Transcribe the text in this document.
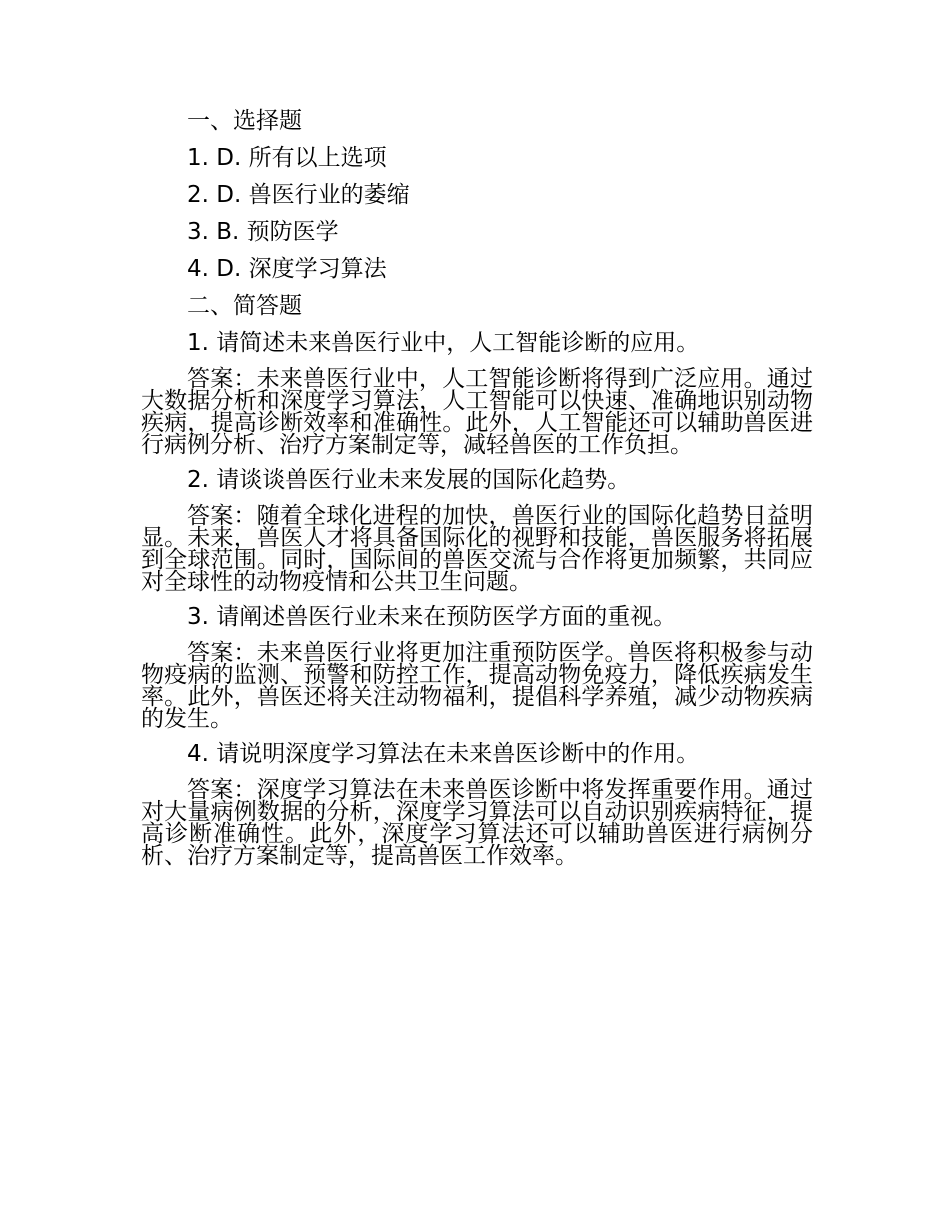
一、选择题
1. D. 所有以上选项
2. D. 兽医行业的萎缩
3. B. 预防医学
4. D. 深度学习算法
二、简答题
1. 请简述未来兽医行业中，人工智能诊断的应用。
答案：未来兽医行业中，人工智能诊断将得到广泛应用。通过大数据分析和深度学习算法，人工智能可以快速、准确地识别动物疾病，提高诊断效率和准确性。此外，人工智能还可以辅助兽医进行病例分析、治疗方案制定等，减轻兽医的工作负担。
2. 请谈谈兽医行业未来发展的国际化趋势。
答案：随着全球化进程的加快，兽医行业的国际化趋势日益明显。未来，兽医人才将具备国际化的视野和技能，兽医服务将拓展到全球范围。同时，国际间的兽医交流与合作将更加频繁，共同应对全球性的动物疫情和公共卫生问题。
3. 请阐述兽医行业未来在预防医学方面的重视。
答案：未来兽医行业将更加注重预防医学。兽医将积极参与动物疫病的监测、预警和防控工作，提高动物免疫力，降低疾病发生率。此外，兽医还将关注动物福利，提倡科学养殖，减少动物疾病的发生。
4. 请说明深度学习算法在未来兽医诊断中的作用。
答案：深度学习算法在未来兽医诊断中将发挥重要作用。通过对大量病例数据的分析，深度学习算法可以自动识别疾病特征，提高诊断准确性。此外，深度学习算法还可以辅助兽医进行病例分析、治疗方案制定等，提高兽医工作效率。
